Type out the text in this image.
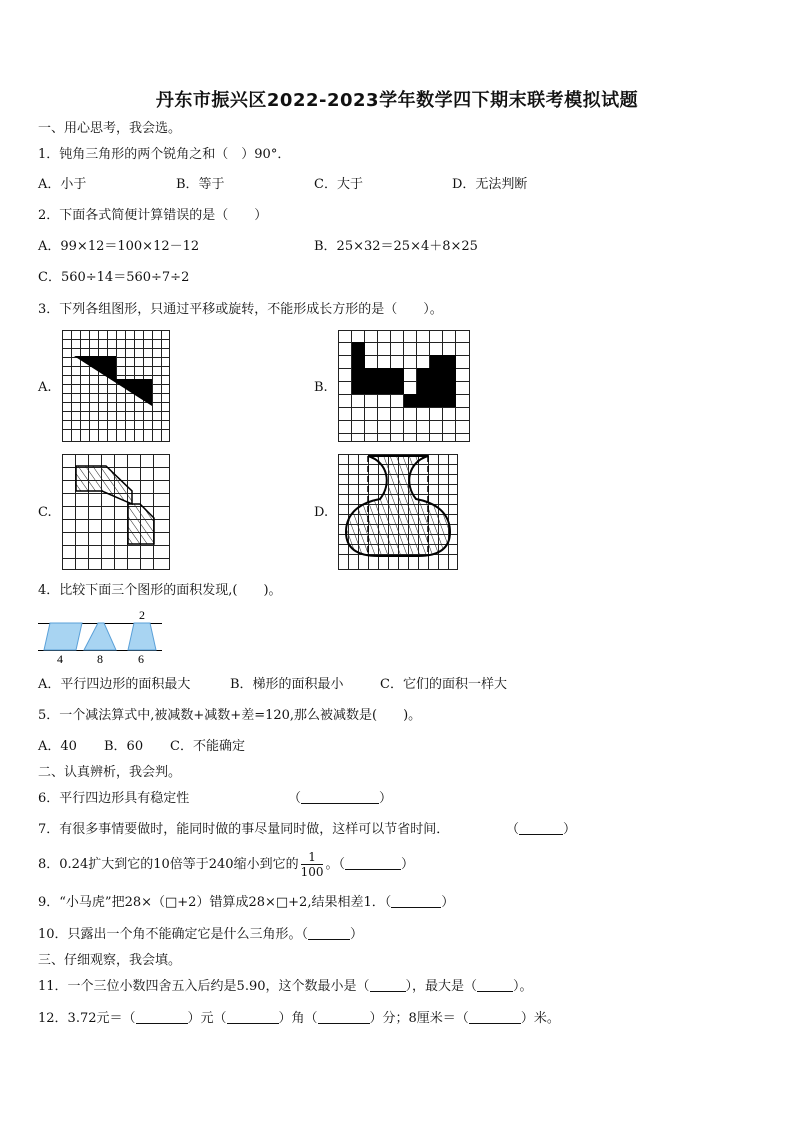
丹东市振兴区2022-2023学年数学四下期末联考模拟试题
一、用心思考，我会选。
1．钝角三角形的两个锐角之和（　）90°．
A．小于	B．等于	C．大于	D．无法判断
2．下面各式简便计算错误的是（　　）
A．99×12＝100×12－12	B．25×32＝25×4＋8×25
C．560÷14＝560÷7÷2
3．下列各组图形，只通过平移或旋转，不能形成长方形的是（　　）。
A.	B.
C.	D.
4．比较下面三个图形的面积发现,(　　)。
2
4	8	6
A．平行四边形的面积最大	B．梯形的面积最小	C．它们的面积一样大
5．一个减法算式中,被减数+减数+差=120,那么被减数是(　　)。
A．40 B．60 C．不能确定
二、认真辨析，我会判。
6．平行四边形具有稳定性	（	）
7．有很多事情要做时，能同时做的事尽量同时做，这样可以节省时间．	（	）
8．0.24扩大到它的10倍等于240缩小到它的 $\frac{1}{100}$ 。（	）
9．“小马虎”把28×（□+2）错算成28×□+2,结果相差1．（	）
10．只露出一个角不能确定它是什么三角形。（	）
三、仔细观察，我会填。
11．一个三位小数四舍五入后约是5.90，这个数最小是（	），最大是（	）。
12．3.72元＝（	）元（	）角（	）分；8厘米＝（	）米。
